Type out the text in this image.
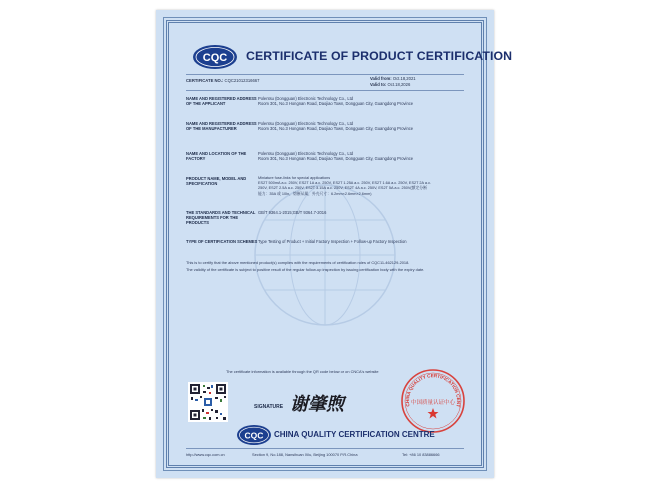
CQC CERTIFICATE OF PRODUCT CERTIFICATION
CERTIFICATE NO.: CQC21012316667	Valid from: Oct.18,2021
Valid to: Oct.18,2026
NAME AND REGISTERED ADDRESS OF THE APPLICANT
Polentsu (Dongguan) Electronic Technology Co., Ltd
Room 301, No.3 Hongnan Road, Daojiao Town, Dongguan City, Guangdong Province
NAME AND REGISTERED ADDRESS OF THE MANUFACTURER
Polentsu (Dongguan) Electronic Technology Co., Ltd
Room 301, No.3 Hongnan Road, Daojiao Town, Dongguan City, Guangdong Province
NAME AND LOCATION OF THE FACTORY
Polentsu (Dongguan) Electronic Technology Co., Ltd
Room 301, No.3 Hongnan Road, Daojiao Town, Dongguan City, Guangdong Province
PRODUCT NAME, MODEL AND SPECIFICATION
Miniature fuse-links for special applications
ES2T 500mA a.c. 250V, ES2T 1A a.c. 250V, ES2T 1.25A a.c. 250V, ES2T 1.6A a.c. 250V, ES2T 2A a.c.
250V, ES2T 2.5A a.c. 250V, ES2T 3.15A a.c. 250V, ES2T 4A a.c. 250V, ES2T 5A a.c. 250V(额定分断
能力：35A 或 10In，熔断从属，外壳尺寸：6.2mm×2.6mm×2.6mm)
THE STANDARDS AND TECHNICAL REQUIREMENTS FOR THE PRODUCTS
GB/T 9364.1-2015;GB/T 9364.7-2016
TYPE OF CERTIFICATION SCHEMES Type Testing of Product + Initial Factory Inspection + Follow-up Factory Inspection
This is to certify that the above mentioned product(s) complies with the requirements of certification rules of CQC11-462129-2018.
The validity of the certificate is subject to positive result of the regular follow-up inspection by issuing certification body with the expiry date.
The certificate information is available through the QR code below or on CNCA's website
SIGNATURE 谢肇煦	CHINA QUALITY CERTIFICATION CENT
中国质量认证中心
CQC CHINA QUALITY CERTIFICATION CENTRE
http://www.cqc.com.cn	Section 9, No.188, Nansihuan Xilu, Beijing 100070 P.R.China	Tel: +86 10 83886666
